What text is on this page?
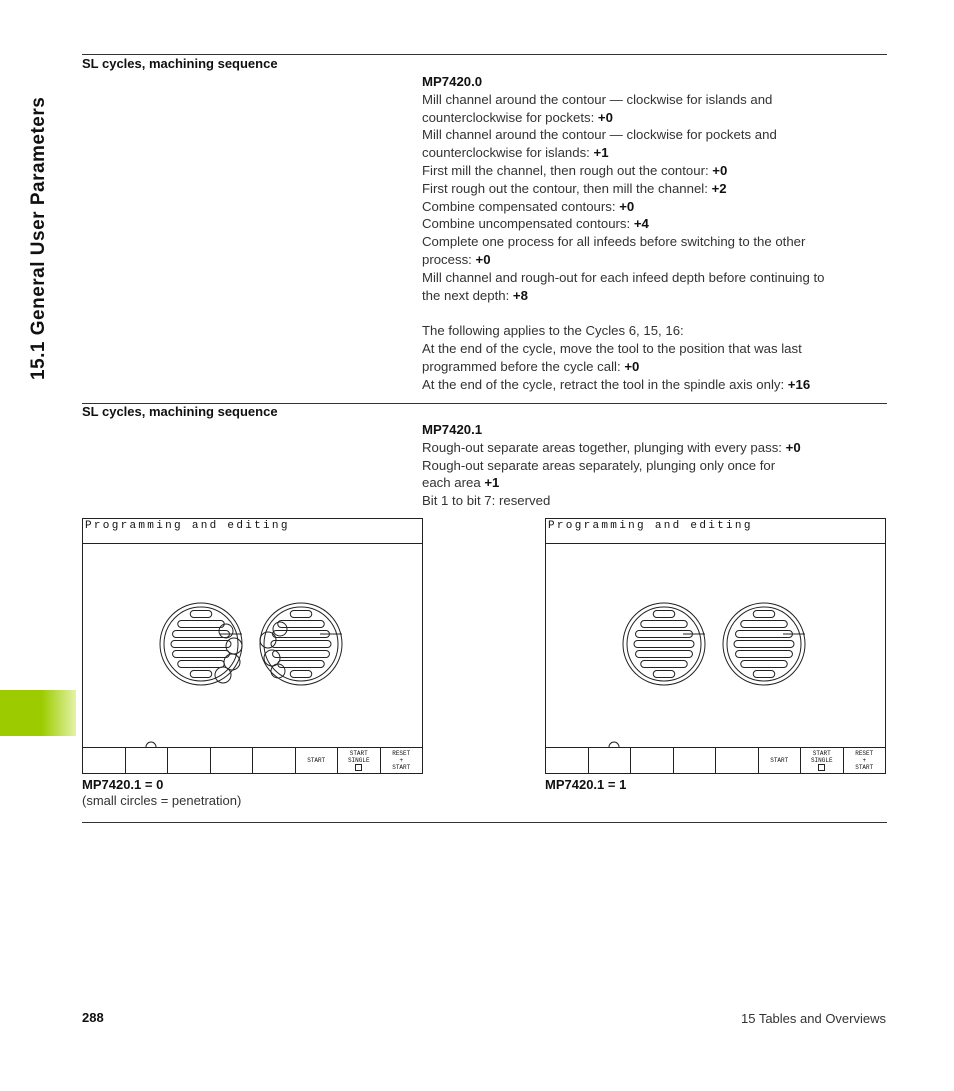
15.1 General User Parameters
SL cycles, machining sequence
MP7420.0
Mill channel around the contour — clockwise for islands and
counterclockwise for pockets: +0
Mill channel around the contour — clockwise for pockets and
counterclockwise for islands: +1
First mill the channel, then rough out the contour: +0
First rough out the contour, then mill the channel: +2
Combine compensated contours: +0
Combine uncompensated contours: +4
Complete one process for all infeeds before switching to the other
process: +0
Mill channel and rough-out for each infeed depth before continuing to
the next depth: +8
The following applies to the Cycles 6, 15, 16:
At the end of the cycle, move the tool to the position that was last
programmed before the cycle call: +0
At the end of the cycle, retract the tool in the spindle axis only: +16
SL cycles, machining sequence
MP7420.1
Rough-out separate areas together, plunging with every pass: +0
Rough-out separate areas separately, plunging only once for
each area +1
Bit 1 to bit 7: reserved
Programming and editing
START
START
SINGLE
RESET
+
START
MP7420.1 = 0
(small circles = penetration)
Programming and editing
START
START
SINGLE
RESET
+
START
MP7420.1 = 1

288	15 Tables and Overviews
